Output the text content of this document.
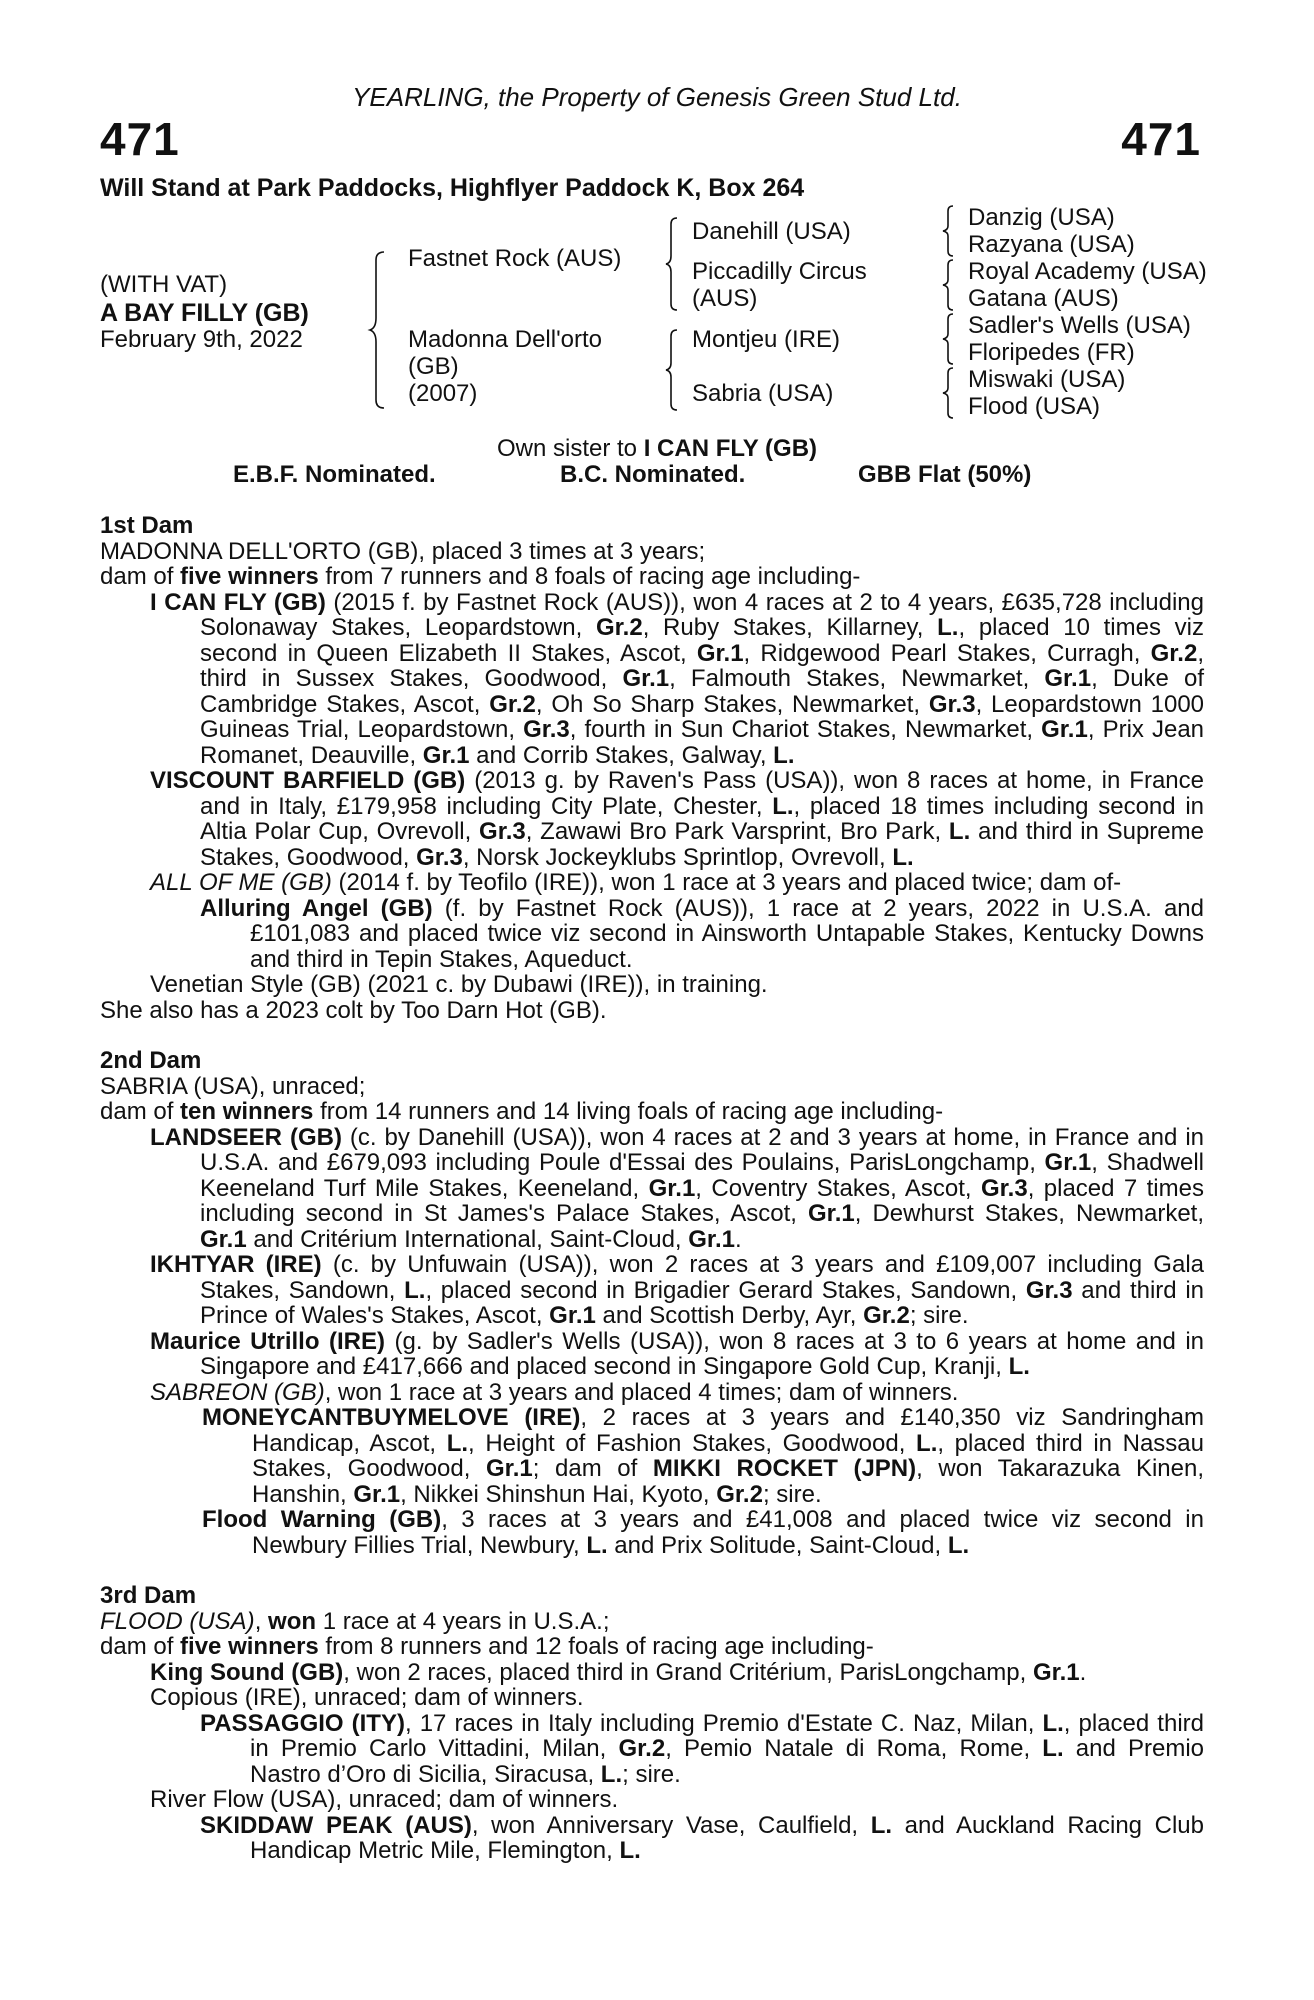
YEARLING, the Property of Genesis Green Stud Ltd.
471	471
Will Stand at Park Paddocks, Highflyer Paddock K, Box 264
(WITH VAT)
A BAY FILLY (GB)
February 9th, 2022
Fastnet Rock (AUS)
Madonna Dell'orto
(GB)
(2007)
Danehill (USA)
Piccadilly Circus
(AUS)
Montjeu (IRE)
Sabria (USA)
Danzig (USA)
Razyana (USA)
Royal Academy (USA)
Gatana (AUS)
Sadler's Wells (USA)
Floripedes (FR)
Miswaki (USA)
Flood (USA)
Own sister to I CAN FLY (GB)
E.B.F. Nominated.	B.C. Nominated.	GBB Flat (50%)

1st Dam

MADONNA DELL'ORTO (GB), placed 3 times at 3 years;

dam of five winners from 7 runners and 8 foals of racing age including-

I CAN FLY (GB) (2015 f. by Fastnet Rock (AUS)), won 4 races at 2 to 4 years, £635,728 including Solonaway Stakes, Leopardstown, Gr.2, Ruby Stakes, Killarney, L., placed 10 times viz second in Queen Elizabeth II Stakes, Ascot, Gr.1, Ridgewood Pearl Stakes, Curragh, Gr.2, third in Sussex Stakes, Goodwood, Gr.1, Falmouth Stakes, Newmarket, Gr.1, Duke of Cambridge Stakes, Ascot, Gr.2, Oh So Sharp Stakes, Newmarket, Gr.3, Leopardstown 1000 Guineas Trial, Leopardstown, Gr.3, fourth in Sun Chariot Stakes, Newmarket, Gr.1, Prix Jean Romanet, Deauville, Gr.1 and Corrib Stakes, Galway, L.

VISCOUNT BARFIELD (GB) (2013 g. by Raven's Pass (USA)), won 8 races at home, in France and in Italy, £179,958 including City Plate, Chester, L., placed 18 times including second in Altia Polar Cup, Ovrevoll, Gr.3, Zawawi Bro Park Varsprint, Bro Park, L. and third in Supreme Stakes, Goodwood, Gr.3, Norsk Jockeyklubs Sprintlop, Ovrevoll, L.

ALL OF ME (GB) (2014 f. by Teofilo (IRE)), won 1 race at 3 years and placed twice; dam of-

Alluring Angel (GB) (f. by Fastnet Rock (AUS)), 1 race at 2 years, 2022 in U.S.A. and £101,083 and placed twice viz second in Ainsworth Untapable Stakes, Kentucky Downs and third in Tepin Stakes, Aqueduct.

Venetian Style (GB) (2021 c. by Dubawi (IRE)), in training.

She also has a 2023 colt by Too Darn Hot (GB).

2nd Dam

SABRIA (USA), unraced;

dam of ten winners from 14 runners and 14 living foals of racing age including-

LANDSEER (GB) (c. by Danehill (USA)), won 4 races at 2 and 3 years at home, in France and in U.S.A. and £679,093 including Poule d'Essai des Poulains, ParisLongchamp, Gr.1, Shadwell Keeneland Turf Mile Stakes, Keeneland, Gr.1, Coventry Stakes, Ascot, Gr.3, placed 7 times including second in St James's Palace Stakes, Ascot, Gr.1, Dewhurst Stakes, Newmarket, Gr.1 and Critérium International, Saint-Cloud, Gr.1.

IKHTYAR (IRE) (c. by Unfuwain (USA)), won 2 races at 3 years and £109,007 including Gala Stakes, Sandown, L., placed second in Brigadier Gerard Stakes, Sandown, Gr.3 and third in Prince of Wales's Stakes, Ascot, Gr.1 and Scottish Derby, Ayr, Gr.2; sire.

Maurice Utrillo (IRE) (g. by Sadler's Wells (USA)), won 8 races at 3 to 6 years at home and in Singapore and £417,666 and placed second in Singapore Gold Cup, Kranji, L.

SABREON (GB), won 1 race at 3 years and placed 4 times; dam of winners.

MONEYCANTBUYMELOVE (IRE), 2 races at 3 years and £140,350 viz Sandringham Handicap, Ascot, L., Height of Fashion Stakes, Goodwood, L., placed third in Nassau Stakes, Goodwood, Gr.1; dam of MIKKI ROCKET (JPN), won Takarazuka Kinen, Hanshin, Gr.1, Nikkei Shinshun Hai, Kyoto, Gr.2; sire.

Flood Warning (GB), 3 races at 3 years and £41,008 and placed twice viz second in Newbury Fillies Trial, Newbury, L. and Prix Solitude, Saint-Cloud, L.

3rd Dam

FLOOD (USA), won 1 race at 4 years in U.S.A.;

dam of five winners from 8 runners and 12 foals of racing age including-

King Sound (GB), won 2 races, placed third in Grand Critérium, ParisLongchamp, Gr.1.

Copious (IRE), unraced; dam of winners.

PASSAGGIO (ITY), 17 races in Italy including Premio d'Estate C. Naz, Milan, L., placed third in Premio Carlo Vittadini, Milan, Gr.2, Pemio Natale di Roma, Rome, L. and Premio Nastro d’Oro di Sicilia, Siracusa, L.; sire.

River Flow (USA), unraced; dam of winners.

SKIDDAW PEAK (AUS), won Anniversary Vase, Caulfield, L. and Auckland Racing Club Handicap Metric Mile, Flemington, L.
